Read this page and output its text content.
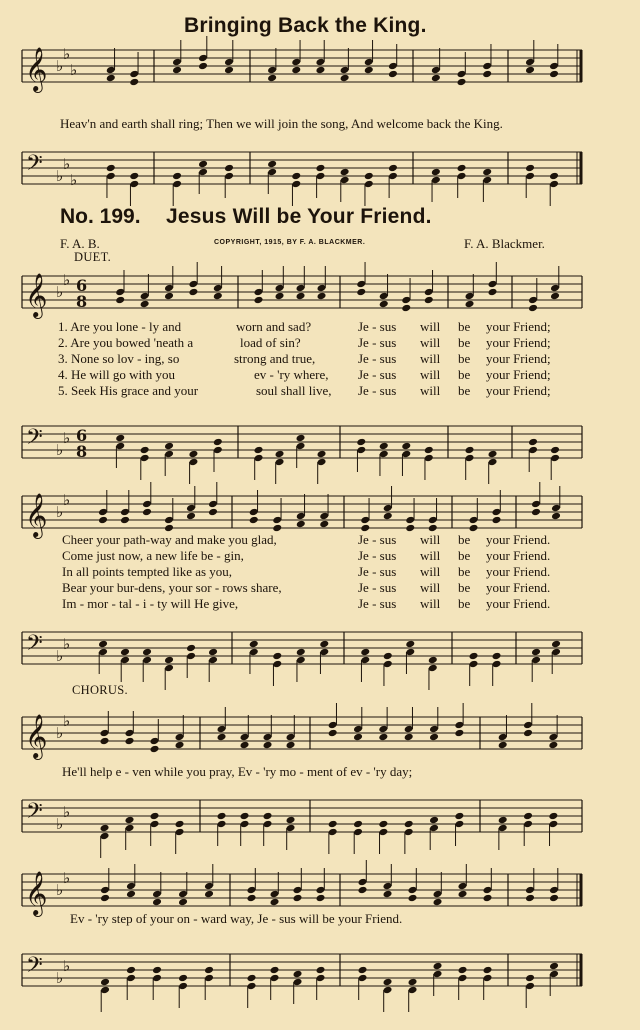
Bringing Back the King.
𝄞 ♭
♭
♭
Heav'n and earth shall ring; Then we will join the song, And welcome back the King.
𝄢 ♭
♭
♭
No. 199. Jesus Will be Your Friend.
F. A. B.	COPYRIGHT, 1915, BY F. A. BLACKMER.	F. A. Blackmer.
DUET.
𝄞 ♭
♭ 6
8
1. Are you lone - ly and	worn and sad?	Je - sus will be your Friend;
2. Are you bowed 'neath a	load of sin?	Je - sus will be your Friend;
3. None so lov - ing, so	strong and true,	Je - sus will be your Friend;
4. He will go with you	ev - 'ry where, Je - sus will be your Friend;
5. Seek His grace and your	soul shall live, Je - sus will be your Friend;
𝄢 ♭
♭ 6
8
𝄞 ♭
♭
Cheer your path-way and make you glad,	Je - sus will be your Friend.
Come just now, a new life be - gin,	Je - sus will be your Friend.
In all points tempted like as you,	Je - sus will be your Friend.
Bear your bur-dens, your sor - rows share,	Je - sus will be your Friend.
Im - mor - tal - i - ty will He give,	Je - sus will be your Friend.
𝄢 ♭
♭
CHORUS.
𝄞 ♭
♭
He'll help e - ven while you pray, Ev - 'ry mo - ment of ev - 'ry day;
𝄢 ♭
♭
𝄞 ♭
♭
Ev - 'ry step of your on - ward way, Je - sus will be your Friend.
𝄢 ♭
♭
